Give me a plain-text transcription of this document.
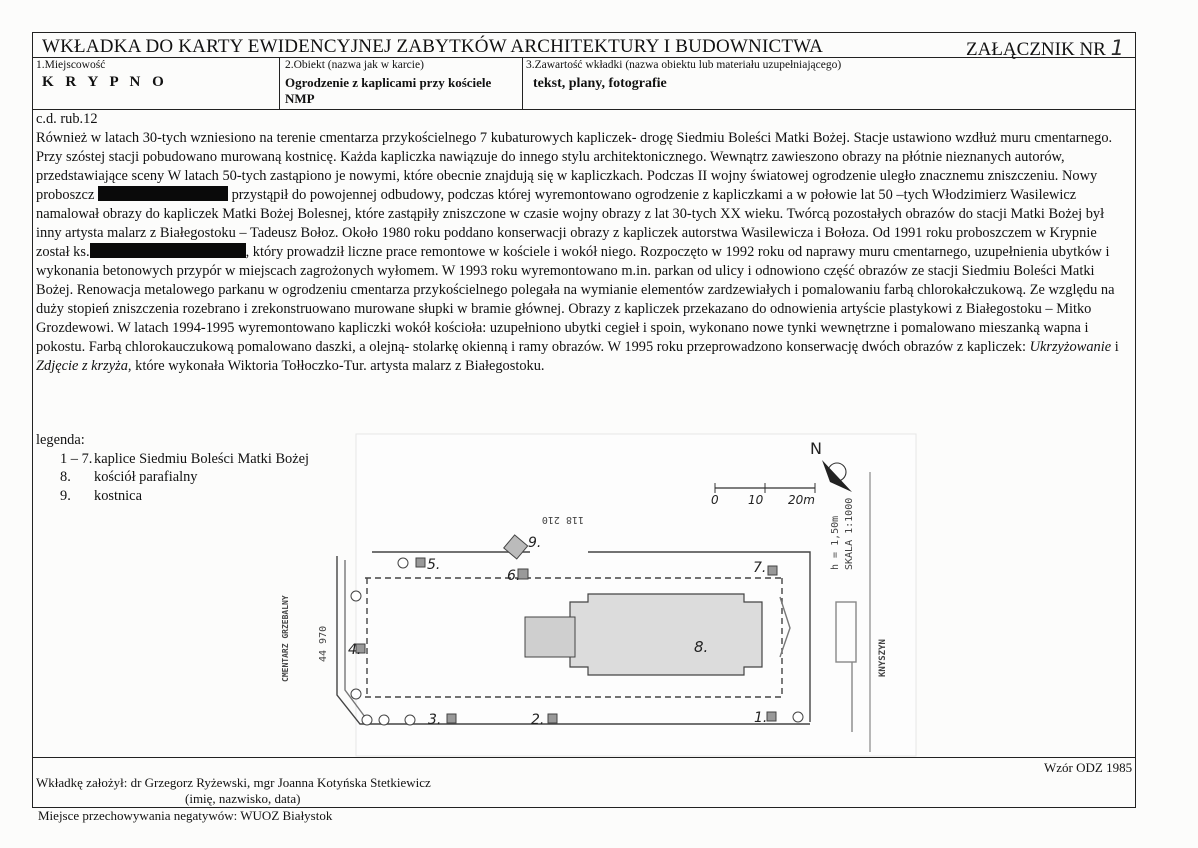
WKŁADKA DO KARTY EWIDENCYJNEJ ZABYTKÓW ARCHITEKTURY I BUDOWNICTWA	ZAŁĄCZNIK NR 1
1.Miejscowość
K R Y P N O
2.Obiekt (nazwa jak w karcie)
Ogrodzenie z kaplicami przy kościele
NMP
3.Zawartość wkładki (nazwa obiektu lub materiału uzupełniającego)
tekst, plany, fotografie

c.d. rub.12

Również w latach 30-tych wzniesiono na terenie cmentarza przykościelnego 7 kubaturowych kapliczek- drogę Siedmiu Boleści Matki Bożej. Stacje ustawiono wzdłuż muru cmentarnego. Przy szóstej stacji pobudowano murowaną kostnicę. Każda kapliczka nawiązuje do innego stylu architektonicznego. Wewnątrz zawieszono obrazy na płótnie nieznanych autorów, przedstawiające sceny W latach 50-tych zastąpiono je nowymi, które obecnie znajdują się w kapliczkach. Podczas II wojny światowej ogrodzenie uległo znacznemu zniszczeniu. Nowy proboszcz	przystąpił do powojennej odbudowy, podczas której wyremontowano ogrodzenie z kapliczkami a w połowie lat 50 –tych Włodzimierz Wasilewicz namalował obrazy do kapliczek Matki Bożej Bolesnej, które zastąpiły zniszczone w czasie wojny obrazy z lat 30-tych XX wieku. Twórcą pozostałych obrazów do stacji Matki Bożej był inny artysta malarz z Białegostoku – Tadeusz Bołoz. Około 1980 roku poddano konserwacji obrazy z kapliczek autorstwa Wasilewicza i Bołoza. Od 1991 roku proboszczem w Krypnie został ks.	, który prowadził liczne prace remontowe w kościele i wokół niego. Rozpoczęto w 1992 roku od naprawy muru cmentarnego, uzupełnienia ubytków i wykonania betonowych przypór w miejscach zagrożonych wyłomem. W 1993 roku wyremontowano m.in. parkan od ulicy i odnowiono część obrazów ze stacji Siedmiu Boleści Matki Bożej. Renowacja metalowego parkanu w ogrodzeniu cmentarza przykościelnego polegała na wymianie elementów zardzewiałych i pomalowaniu farbą chlorokałczukową. Ze względu na duży stopień zniszczenia rozebrano i zrekonstruowano murowane słupki w bramie głównej. Obrazy z kapliczek przekazano do odnowienia artyście plastykowi z Białegostoku – Mitko Grozdewowi. W latach 1994-1995 wyremontowano kapliczki wokół kościoła: uzupełniono ubytki cegieł i spoin, wykonano nowe tynki wewnętrzne i pomalowano mieszanką wapna i pokostu. Farbą chlorokauczukową pomalowano daszki, a olejną- stolarkę okienną i ramy obrazów. W 1995 roku przeprowadzono konserwację dwóch obrazów z kapliczek: Ukrzyżowanie i Zdjęcie z krzyża, które wykonała Wiktoria Tołłoczko-Tur. artysta malarz z Białegostoku.

5.
6.
9.
7.
4.
3.	2.	1.
8.
118 210
44 970
CMENTARZ GRZEBALNY	KNYSZYN
h = 1,50m SKALA 1:1000
0 10 20m
N
legenda:
1 – 7. kaplice Siedmiu Boleści Matki Bożej
8.	kościół parafialny
9.	kostnica
Wzór ODZ 1985
Wkładkę założył: dr Grzegorz Ryżewski, mgr Joanna Kotyńska Stetkiewicz
(imię, nazwisko, data)
Miejsce przechowywania negatywów: WUOZ Białystok
